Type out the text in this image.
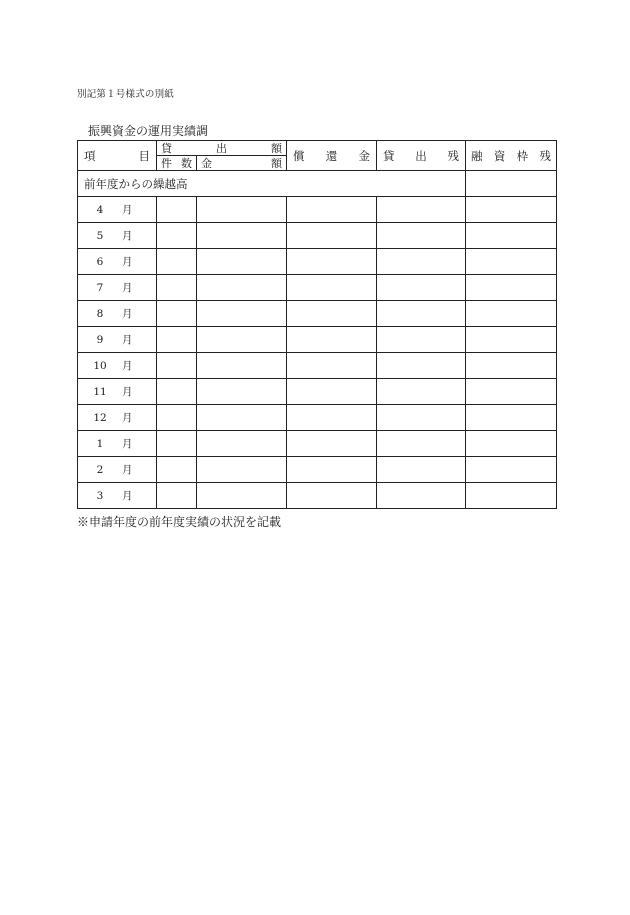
別記第１号様式の別紙
振興資金の運用実績調
項 目	貸 出 額		償 還 金	貸 出 残	融 資 枠 残

	件 数	金 額			

前年度からの繰越高					

4 月					

5 月					

6 月					

7 月					

8 月					

9 月					

10 月					

11 月					

12 月					

1 月					

2 月					

3 月					

※申請年度の前年度実績の状況を記載
